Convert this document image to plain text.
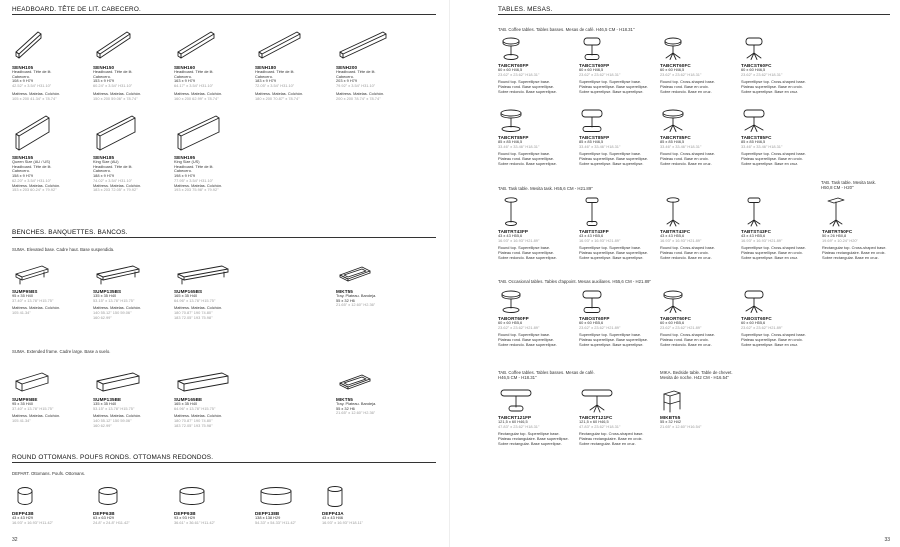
HEADBOARD. TÊTE DE LIT. CABECERO.
SENH105
Headboard. Tête de lit.
Cabecero.
108 x 9 H79
42.52" x 3.54" H31.10"
Mattress. Matelas. Colchón.
105 x 200 41.34" x 78.74"
SENH150
Headboard. Tête de lit.
Cabecero.
153 x 9 H79
60.24" x 3.54" H31.10"
Mattress. Matelas. Colchón.
150 x 200 59.06" x 78.74"
SENH160
Headboard. Tête de lit.
Cabecero.
163 x 9 H79
64.17" x 3.54" H31.10"
Mattress. Matelas. Colchón.
160 x 200 62.99" x 78.74"
SENH180
Headboard. Tête de lit.
Cabecero.
183 x 9 H79
72.05" x 3.54" H31.10"
Mattress. Matelas. Colchón.
180 x 200 70.87" x 78.74"
SENH200
Headboard. Tête de lit.
Cabecero.
203 x 9 H79
79.92" x 3.54" H31.10"
Mattress. Matelas. Colchón.
200 x 200 78.74" x 78.74"
SENH155
Queen Size (AU / US)
Headboard. Tête de lit.
Cabecero.
158 x 9 H79
62.20" x 3.54" H31.10"
Mattress. Matelas. Colchón.
153 x 203 60.24" x 79.92"
SENH185
King Size (AU)
Headboard. Tête de lit.
Cabecero.
188 x 9 H79
74.02" x 3.54" H31.10"
Mattress. Matelas. Colchón.
183 x 203 72.05" x 79.92"
SENH195
King Size (US)
Headboard. Tête de lit.
Cabecero.
198 x 9 H79
77.95" x 3.54" H31.10"
Mattress. Matelas. Colchón.
193 x 203 75.98" x 79.92"
BENCHES. BANQUETTES. BANCOS.
SUMA. Elevated base. Cadre haut. Base suspendida.
SUMP95BS
95 x 35 H40
37.40" x 13.78" H15.75"
Mattress. Matelas. Colchón.
105 41.34"
SUMP135BS
135 x 35 H40
53.15" x 13.78" H15.75"
Mattress. Matelas. Colchón.
140 55.12" 150 59.06"
160 62.99"
SUMP165BS
165 x 35 H40
64.96" x 13.78" H15.75"
Mattress. Matelas. Colchón.
180 70.87" 190 74.80"
183 72.05" 193 75.98"
MIKT55
Tray. Plateau. Bandeja.
55 x 32 H6
21.65" x 12.60" H2.36"
SUMA. Extended frame. Cadre large. Base a suelo.
SUMP95BE
95 x 35 H40
37.40" x 13.78" H15.75"
Mattress. Matelas. Colchón.
105 41.34"
SUMP135BE
135 x 35 H40
53.15" x 13.78" H15.75"
Mattress. Matelas. Colchón.
140 55.12" 150 59.06"
160 62.99"
SUMP165BE
165 x 35 H40
64.96" x 13.78" H15.75"
Mattress. Matelas. Colchón.
180 70.87" 190 74.80"
183 72.05" 193 75.98"
MIKT55
Tray. Plateau. Bandeja.
55 x 32 H6
21.65" x 12.60" H2.36"
ROUND OTTOMANS. POUFS RONDS. OTTOMANS REDONDOS.
DEPART. Ottomans. Poufs. Ottomans.
DEPP43B
43 x 43 H29
16.93" x 16.93" H11.42"
DEPP63B
63 x 63 H29
24.8" x 24.8" H11.42"
DEPP93B
93 x 93 H29
36.61" x 36.61" H11.42"
DEPP138B
138 x 138 H29
54.33" x 54.33" H11.42"
DEPP43A
43 x 43 H46
16.93" x 16.93" H18.11"
32
TABLES. MESAS.
TAB. Coffee tables. Tables basses. Mesas de café. H46,5 CM - H18.31"
TABCRT60FP
60 x 60 H46,5
23.62" x 23.62" H18.31"
Round top. Superellipse base.
Plateau rond. Base superellipse.
Sobre redondo. Base superelipse.
TABCST60FP
60 x 60 H46,5
23.62" x 23.62" H18.31"
Superellipse top. Superellipse base.
Plateau superellipse. Base superellipse.
Sobre superelipse. Base superelipse.
TABCRT60FC
60 x 60 H46,5
23.62" x 23.62" H18.31"
Round top. Cross-shaped base.
Plateau rond. Base en croix.
Sobre redondo. Base en cruz.
TABCST60FC
60 x 60 H46,5
23.62" x 23.62" H18.31"
Superellipse top. Cross-shaped base.
Plateau superellipse. Base en croix.
Sobre superelipse. Base en cruz.
TABCRT85FP
85 x 85 H46,5
33.46" x 33.46" H18.31"
Round top. Superellipse base.
Plateau rond. Base superellipse.
Sobre redondo. Base superelipse.
TABCST85FP
85 x 85 H46,5
33.46" x 33.46" H18.31"
Superellipse top. Superellipse base.
Plateau superellipse. Base superellipse.
Sobre superelipse. Base superelipse.
TABCRT85FC
85 x 85 H46,5
33.46" x 33.46" H18.31"
Round top. Cross-shaped base.
Plateau rond. Base en croix.
Sobre redondo. Base en cruz.
TABCST85FC
85 x 85 H46,5
33.46" x 33.46" H18.31"
Superellipse top. Cross-shaped base.
Plateau superellipse. Base en croix.
Sobre superelipse. Base en cruz.
TAB. Task table. Mesita task. H55,6 CM - H21.89"
TAB. Task table. Mesita task.
H50,8 CM - H20"
TABTRT43FP
43 x 43 H55,6
16.93" x 16.93" H21.89"
Round top. Superellipse base.
Plateau rond. Base superellipse.
Sobre redondo. Base superelipse.
TABTST43FP
43 x 43 H55,6
16.93" x 16.93" H21.89"
Superellipse top. Superellipse base.
Plateau superellipse. Base superellipse.
Sobre superelipse. Base superelipse.
TABTRT43FC
43 x 43 H55,6
16.93" x 16.93" H21.89"
Round top. Cross-shaped base.
Plateau rond. Base en croix.
Sobre redondo. Base en cruz.
TABTST43FC
43 x 43 H55,6
16.93" x 16.93" H21.89"
Superellipse top. Cross-shaped base.
Plateau superellipse. Base en croix.
Sobre superelipse. Base en cruz.
TABTRT50FC
50 x 26 H50,8
19.69" x 10.24" H20"
Rectangular top. Cross-shaped base.
Plateau rectangulaire. Base en croix.
Sobre rectangular. Base en cruz.
TAB. Occasional tables. Tables d'appoint. Mesas auxiliares. H55,6 CM - H21.89"
TABORT60FP
60 x 60 H55,6
23.62" x 23.62" H21.89"
Round top. Superellipse base.
Plateau rond. Base superellipse.
Sobre redondo. Base superelipse.
TABOST60FP
60 x 60 H55,6
23.62" x 23.62" H21.89"
Superellipse top. Superellipse base.
Plateau superellipse. Base superellipse.
Sobre superelipse. Base superelipse.
TABORT60FC
60 x 60 H55,6
23.62" x 23.62" H21.89"
Round top. Cross-shaped base.
Plateau rond. Base en croix.
Sobre redondo. Base en cruz.
TABOST60FC
60 x 60 H55,6
23.62" x 23.62" H21.89"
Superellipse top. Cross-shaped base.
Plateau superellipse. Base en croix.
Sobre superelipse. Base en cruz.
TAB. Coffee tables. Tables basses. Mesas de café.
H46,5 CM - H18.31"
MIKA. Bedside table. Table de chevet.
Mesita de noche. H42 CM - H16.54"
TABCRT121FP
121,5 x 60 H46,5
47.83" x 23.62" H18.31"
Rectangular top. Superellipse base.
Plateau rectangulaire. Base superellipse.
Sobre rectangular. Base superelipse.
TABCRT121FC
121,5 x 60 H46,5
47.83" x 23.62" H18.31"
Rectangular top. Cross-shaped base.
Plateau rectangulaire. Base en croix.
Sobre rectangular. Base en cruz.
MIKBT55
55 x 32 H42
21.65" x 12.60" H16.54"
33
